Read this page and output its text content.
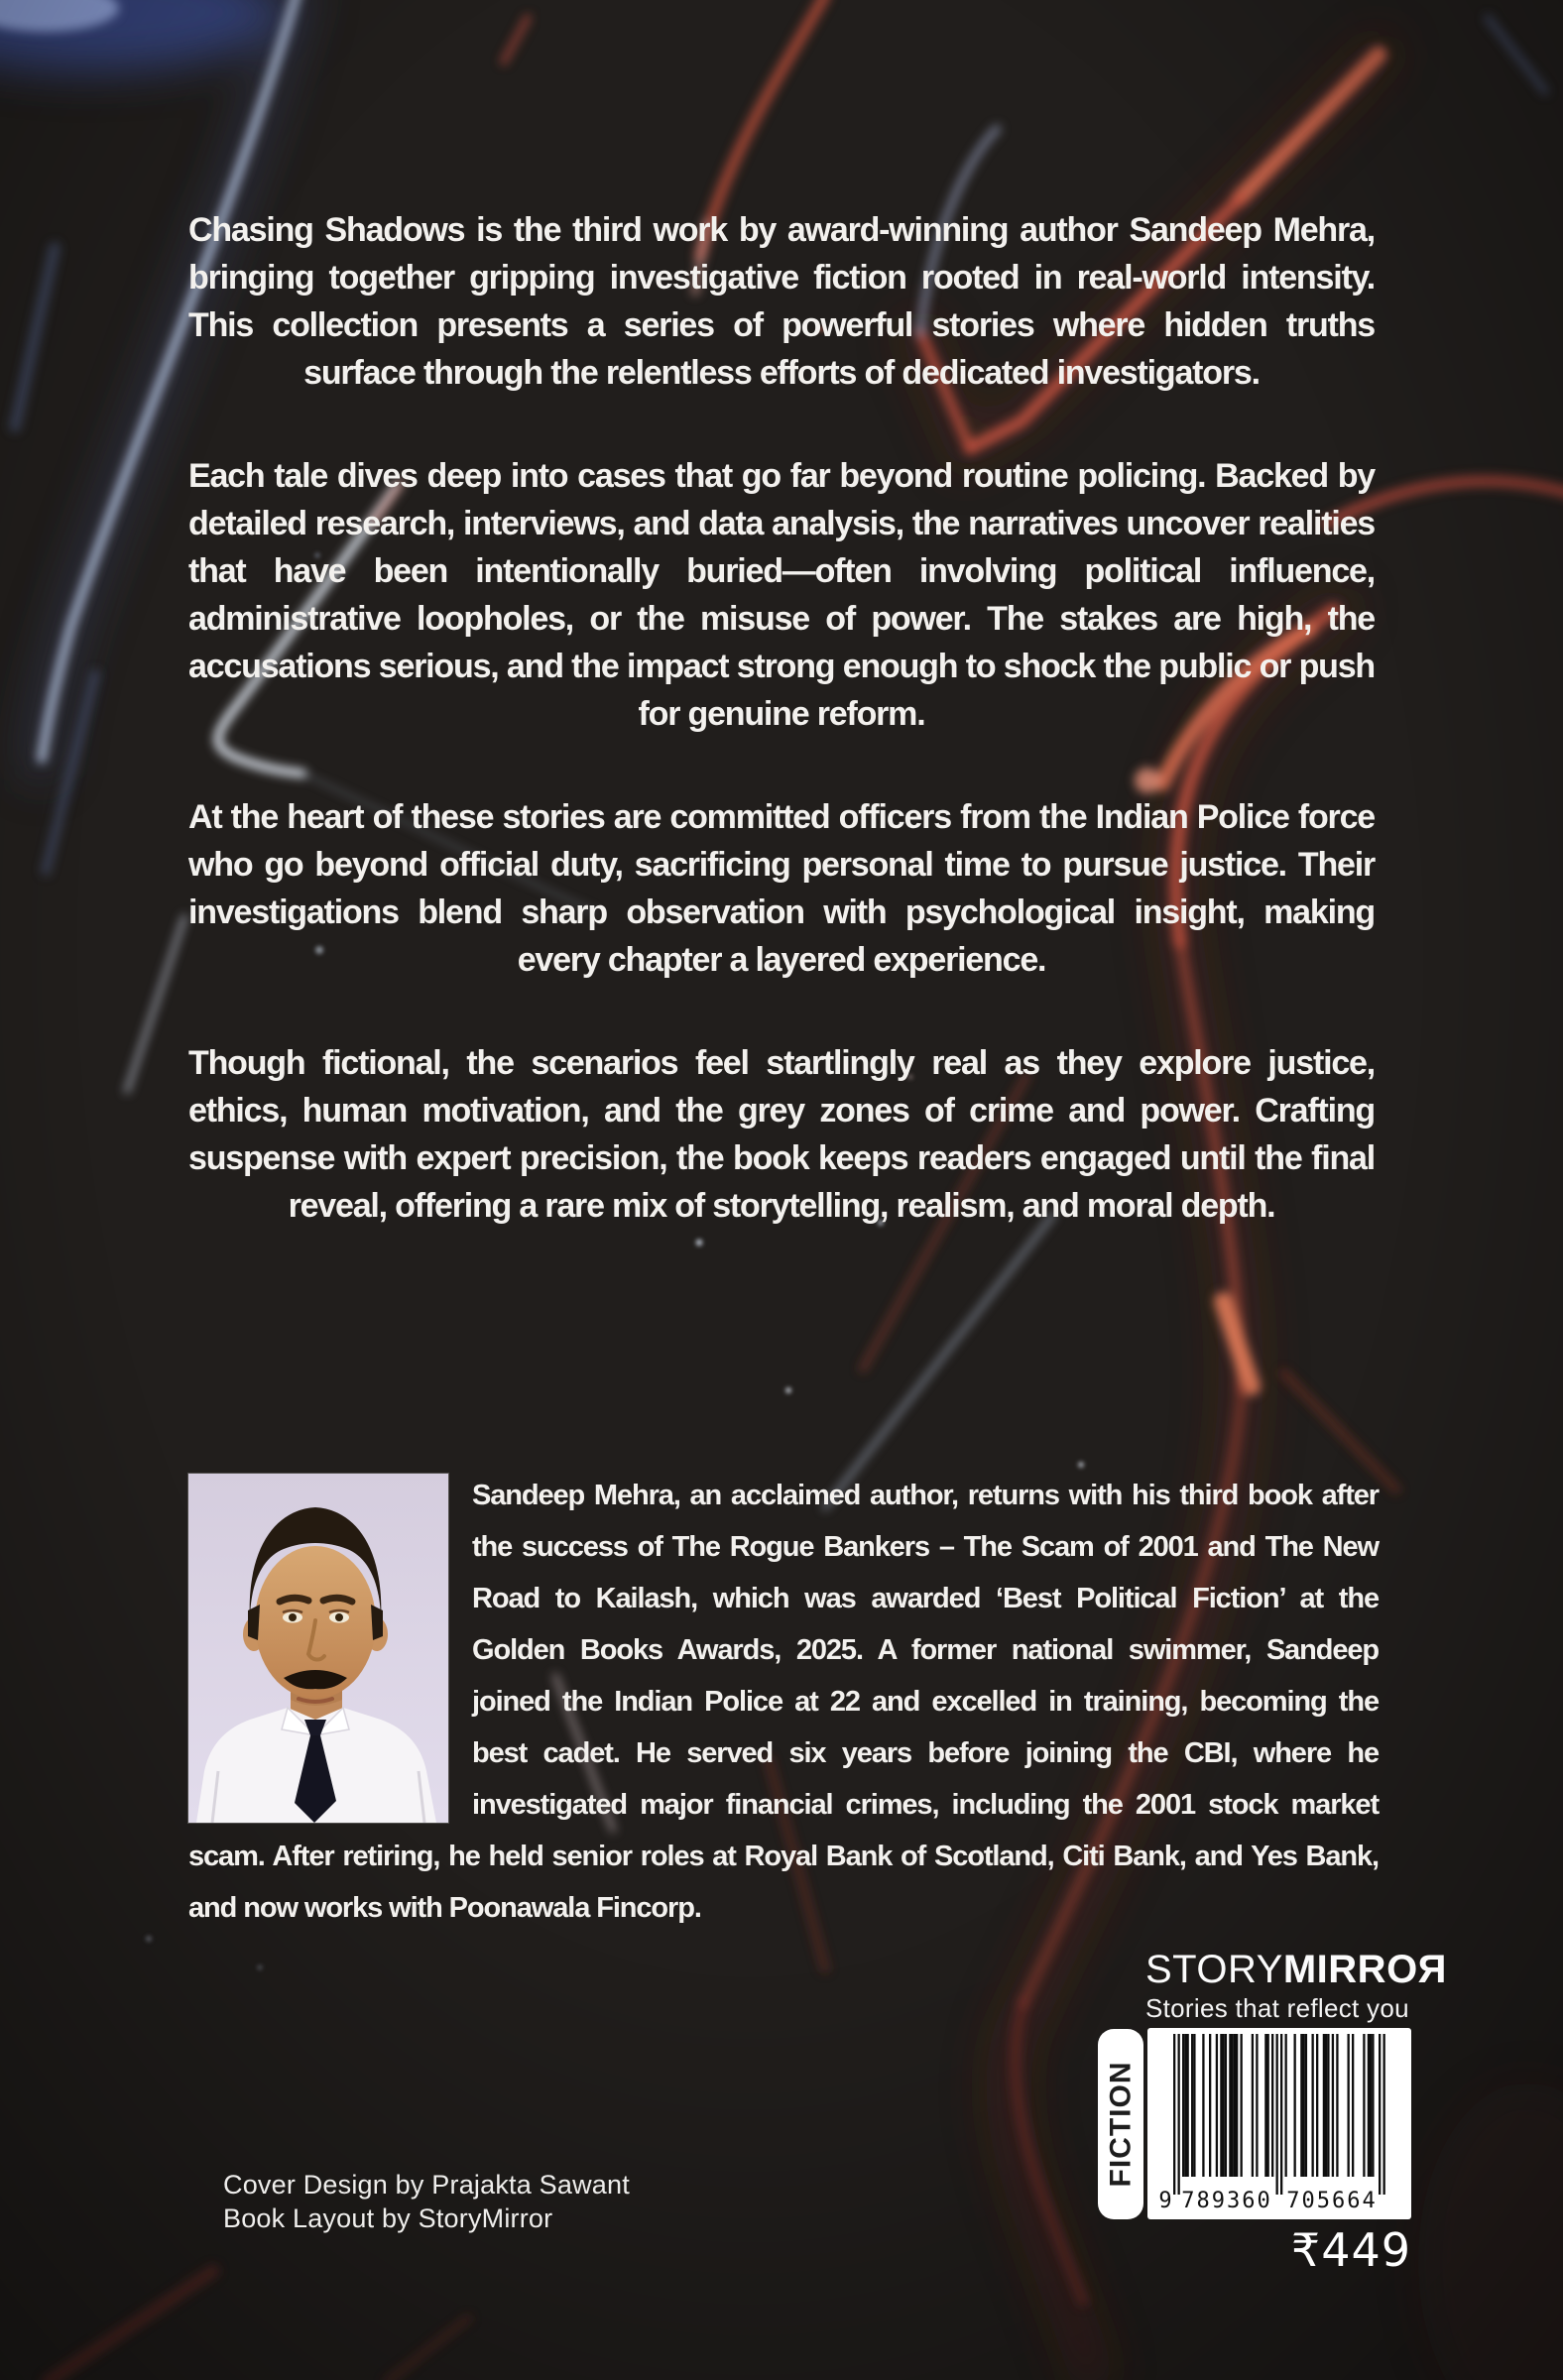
Chasing Shadows is the third work by award-winning author Sandeep Mehra, bringing together gripping investigative fiction rooted in real-world intensity. This collection presents a series of powerful stories where hidden truths surface through the relentless efforts of dedicated investigators.

Each tale dives deep into cases that go far beyond routine policing. Backed by detailed research, interviews, and data analysis, the narratives uncover realities that have been intentionally buried—often involving political influence, administrative loopholes, or the misuse of power. The stakes are high, the accusations serious, and the impact strong enough to shock the public or push for genuine reform.

At the heart of these stories are committed officers from the Indian Police force who go beyond official duty, sacrificing personal time to pursue justice. Their investigations blend sharp observation with psychological insight, making every chapter a layered experience.

Though fictional, the scenarios feel startlingly real as they explore justice, ethics, human motivation, and the grey zones of crime and power. Crafting suspense with expert precision, the book keeps readers engaged until the final reveal, offering a rare mix of storytelling, realism, and moral depth.

Sandeep Mehra, an acclaimed author, returns with his third book after the success of The Rogue Bankers – The Scam of 2001 and The New Road to Kailash, which was awarded ‘Best Political Fiction’ at the Golden Books Awards, 2025. A former national swimmer, Sandeep joined the Indian Police at 22 and excelled in training, becoming the best cadet. He served six years before joining the CBI, where he investigated major financial crimes, including the 2001 stock market scam. After retiring, he held senior roles at Royal Bank of Scotland, Citi Bank, and Yes Bank, and now works with Poonawala Fincorp.
Cover Design by Prajakta Sawant
Book Layout by StoryMirror
STORYMIRROЯ
Stories that reflect you
FICTION
9 789360 705664
₹449
